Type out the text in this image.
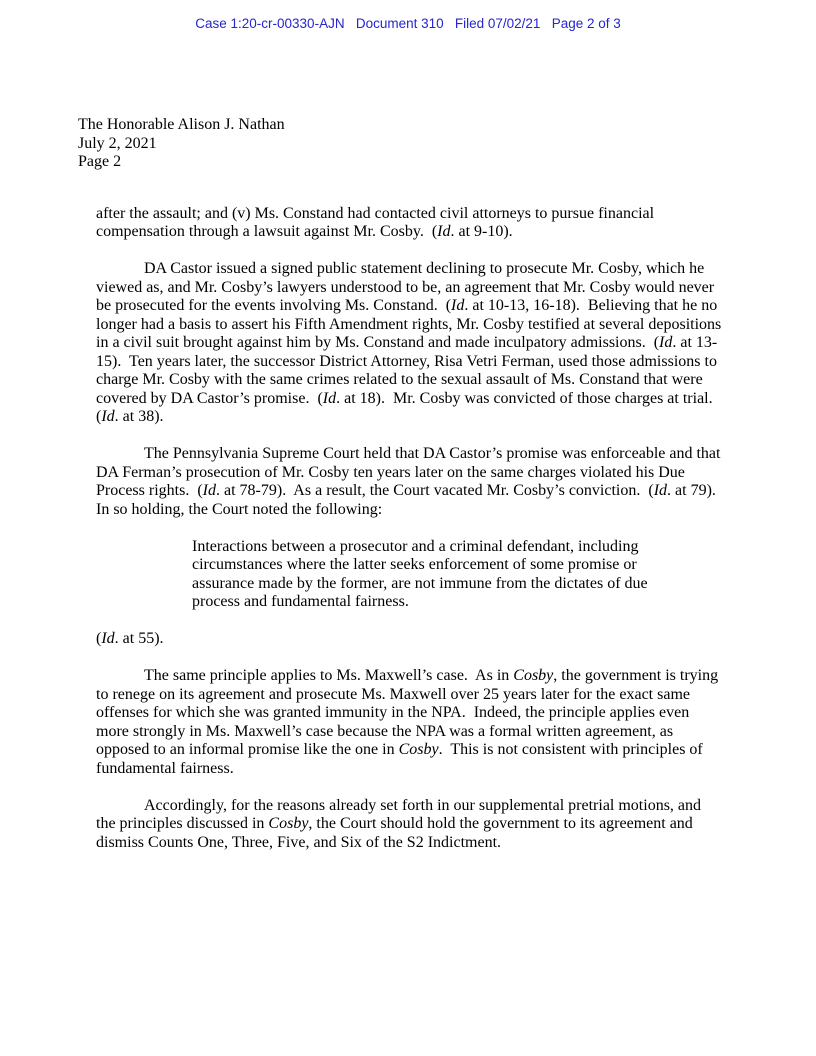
Case 1:20-cr-00330-AJN   Document 310   Filed 07/02/21   Page 2 of 3
The Honorable Alison J. Nathan
July 2, 2021
Page 2

after the assault; and (v) Ms. Constand had contacted civil attorneys to pursue financial compensation through a lawsuit against Mr. Cosby.  (Id. at 9-10).

DA Castor issued a signed public statement declining to prosecute Mr. Cosby, which he viewed as, and Mr. Cosby’s lawyers understood to be, an agreement that Mr. Cosby would never be prosecuted for the events involving Ms. Constand.  (Id. at 10-13, 16-18).  Believing that he no longer had a basis to assert his Fifth Amendment rights, Mr. Cosby testified at several depositions in a civil suit brought against him by Ms. Constand and made inculpatory admissions.  (Id. at 13-15).  Ten years later, the successor District Attorney, Risa Vetri Ferman, used those admissions to charge Mr. Cosby with the same crimes related to the sexual assault of Ms. Constand that were covered by DA Castor’s promise.  (Id. at 18).  Mr. Cosby was convicted of those charges at trial.  (Id. at 38).

The Pennsylvania Supreme Court held that DA Castor’s promise was enforceable and that DA Ferman’s prosecution of Mr. Cosby ten years later on the same charges violated his Due Process rights.  (Id. at 78-79).  As a result, the Court vacated Mr. Cosby’s conviction.  (Id. at 79).  In so holding, the Court noted the following:

Interactions between a prosecutor and a criminal defendant, including circumstances where the latter seeks enforcement of some promise or assurance made by the former, are not immune from the dictates of due process and fundamental fairness.

(Id. at 55).

The same principle applies to Ms. Maxwell’s case.  As in Cosby, the government is trying to renege on its agreement and prosecute Ms. Maxwell over 25 years later for the exact same offenses for which she was granted immunity in the NPA.  Indeed, the principle applies even more strongly in Ms. Maxwell’s case because the NPA was a formal written agreement, as opposed to an informal promise like the one in Cosby.  This is not consistent with principles of fundamental fairness.

Accordingly, for the reasons already set forth in our supplemental pretrial motions, and the principles discussed in Cosby, the Court should hold the government to its agreement and dismiss Counts One, Three, Five, and Six of the S2 Indictment.
